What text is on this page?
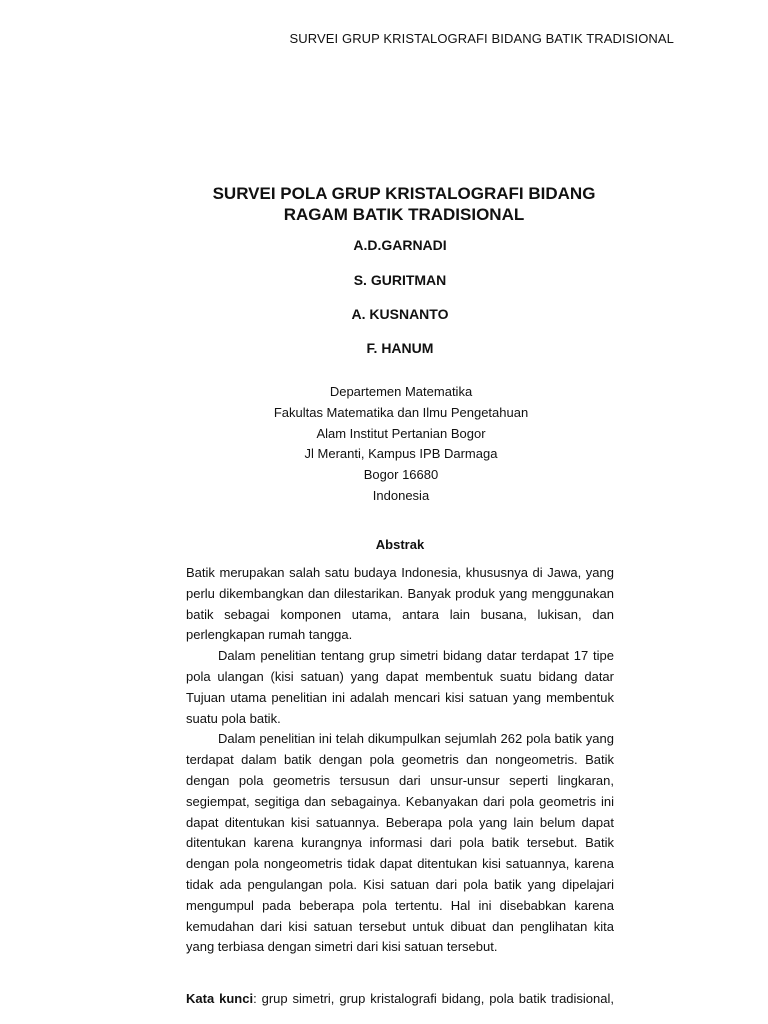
SURVEI GRUP KRISTALOGRAFI BIDANG BATIK TRADISIONAL
SURVEI POLA GRUP KRISTALOGRAFI BIDANG
RAGAM BATIK TRADISIONAL
A.D.GARNADI
S. GURITMAN
A. KUSNANTO
F. HANUM
Departemen Matematika
Fakultas Matematika dan Ilmu Pengetahuan
Alam Institut Pertanian Bogor
Jl Meranti, Kampus IPB Darmaga
Bogor 16680
Indonesia
Abstrak

Batik merupakan salah satu budaya Indonesia, khususnya di Jawa, yang perlu dikembangkan dan dilestarikan. Banyak produk yang menggunakan batik sebagai komponen utama, antara lain busana, lukisan, dan perlengkapan rumah tangga.

Dalam penelitian tentang grup simetri bidang datar terdapat 17 tipe pola ulangan (kisi satuan) yang dapat membentuk suatu bidang datar Tujuan utama penelitian ini adalah mencari kisi satuan yang membentuk suatu pola batik.

Dalam penelitian ini telah dikumpulkan sejumlah 262 pola batik yang terdapat dalam batik dengan pola geometris dan nongeometris. Batik dengan pola geometris tersusun dari unsur-unsur seperti lingkaran, segiempat, segitiga dan sebagainya. Kebanyakan dari pola geometris ini dapat ditentukan kisi satuannya. Beberapa pola yang lain belum dapat ditentukan karena kurangnya informasi dari pola batik tersebut. Batik dengan pola nongeometris tidak dapat ditentukan kisi satuannya, karena tidak ada pengulangan pola. Kisi satuan dari pola batik yang dipelajari mengumpul pada beberapa pola tertentu. Hal ini disebabkan karena kemudahan dari kisi satuan tersebut untuk dibuat dan penglihatan kita yang terbiasa dengan simetri dari kisi satuan tersebut.

Kata kunci: grup simetri, grup kristalografi bidang, pola batik tradisional,
